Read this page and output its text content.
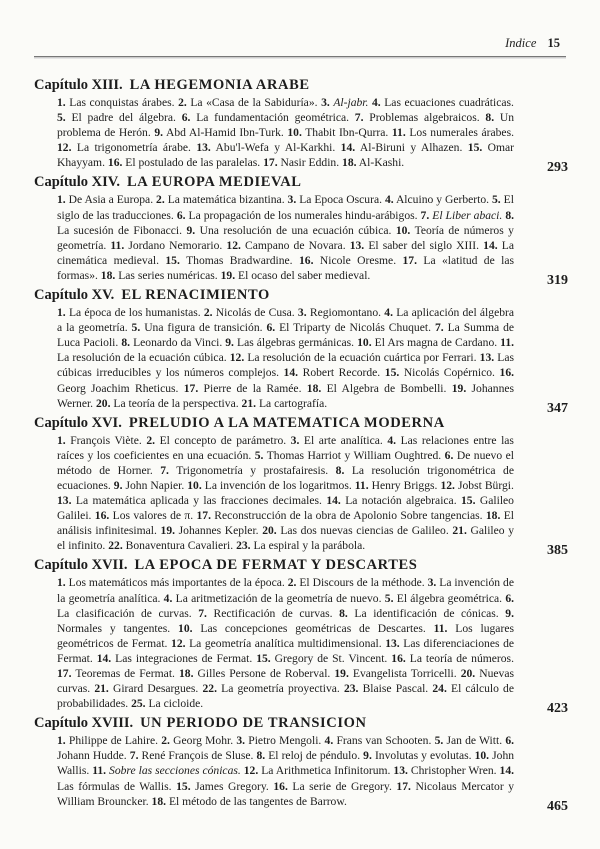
Indice 15
Capítulo XIII. LA HEGEMONIA ARABE
1. Las conquistas árabes. 2. La «Casa de la Sabiduría». 3. Al-jabr. 4. Las ecuaciones cuadráticas. 5. El padre del álgebra. 6. La fundamentación geométrica. 7. Problemas algebraicos. 8. Un problema de Herón. 9. Abd Al-Hamid Ibn-Turk. 10. Thabit Ibn-Qurra. 11. Los numerales árabes. 12. La trigonometría árabe. 13. Abu'l-Wefa y Al-Karkhi. 14. Al-Biruni y Alhazen. 15. Omar Khayyam. 16. El postulado de las paralelas. 17. Nasir Eddin. 18. Al-Kashi.	293
Capítulo XIV. LA EUROPA MEDIEVAL
1. De Asia a Europa. 2. La matemática bizantina. 3. La Epoca Oscura. 4. Alcuino y Gerberto. 5. El siglo de las traducciones. 6. La propagación de los numerales hindu-arábigos. 7. El Liber abaci. 8. La sucesión de Fibonacci. 9. Una resolución de una ecuación cúbica. 10. Teoría de números y geometría. 11. Jordano Nemorario. 12. Campano de Novara. 13. El saber del siglo XIII. 14. La cinemática medieval. 15. Thomas Bradwardine. 16. Nicole Oresme. 17. La «latitud de las formas». 18. Las series numéricas. 19. El ocaso del saber medieval.	319
Capítulo XV. EL RENACIMIENTO
1. La época de los humanistas. 2. Nicolás de Cusa. 3. Regiomontano. 4. La aplicación del álgebra a la geometría. 5. Una figura de transición. 6. El Triparty de Nicolás Chuquet. 7. La Summa de Luca Pacioli. 8. Leonardo da Vinci. 9. Las álgebras germánicas. 10. El Ars magna de Cardano. 11. La resolución de la ecuación cúbica. 12. La resolución de la ecuación cuártica por Ferrari. 13. Las cúbicas irreducibles y los números complejos. 14. Robert Recorde. 15. Nicolás Copérnico. 16. Georg Joachim Rheticus. 17. Pierre de la Ramée. 18. El Algebra de Bombelli. 19. Johannes Werner. 20. La teoría de la perspectiva. 21. La cartografía.	347
Capítulo XVI. PRELUDIO A LA MATEMATICA MODERNA
1. François Viète. 2. El concepto de parámetro. 3. El arte analítica. 4. Las relaciones entre las raíces y los coeficientes en una ecuación. 5. Thomas Harriot y William Oughtred. 6. De nuevo el método de Horner. 7. Trigonometría y prostafairesis. 8. La resolución trigonométrica de ecuaciones. 9. John Napier. 10. La invención de los logaritmos. 11. Henry Briggs. 12. Jobst Bürgi. 13. La matemática aplicada y las fracciones decimales. 14. La notación algebraica. 15. Galileo Galilei. 16. Los valores de π. 17. Reconstrucción de la obra de Apolonio Sobre tangencias. 18. El análisis infinitesimal. 19. Johannes Kepler. 20. Las dos nuevas ciencias de Galileo. 21. Galileo y el infinito. 22. Bonaventura Cavalieri. 23. La espiral y la parábola.	385
Capítulo XVII. LA EPOCA DE FERMAT Y DESCARTES
1. Los matemáticos más importantes de la época. 2. El Discours de la méthode. 3. La invención de la geometría analítica. 4. La aritmetización de la geometría de nuevo. 5. El álgebra geométrica. 6. La clasificación de curvas. 7. Rectificación de curvas. 8. La identificación de cónicas. 9. Normales y tangentes. 10. Las concepciones geométricas de Descartes. 11. Los lugares geométricos de Fermat. 12. La geometría analítica multidimensional. 13. Las diferenciaciones de Fermat. 14. Las integraciones de Fermat. 15. Gregory de St. Vincent. 16. La teoría de números. 17. Teoremas de Fermat. 18. Gilles Persone de Roberval. 19. Evangelista Torricelli. 20. Nuevas curvas. 21. Girard Desargues. 22. La geometría proyectiva. 23. Blaise Pascal. 24. El cálculo de probabilidades. 25. La cicloide.	423
Capítulo XVIII. UN PERIODO DE TRANSICION
1. Philippe de Lahire. 2. Georg Mohr. 3. Pietro Mengoli. 4. Frans van Schooten. 5. Jan de Witt. 6. Johann Hudde. 7. René François de Sluse. 8. El reloj de péndulo. 9. Involutas y evolutas. 10. John Wallis. 11. Sobre las secciones cónicas. 12. La Arithmetica Infinitorum. 13. Christopher Wren. 14. Las fórmulas de Wallis. 15. James Gregory. 16. La serie de Gregory. 17. Nicolaus Mercator y William Brouncker. 18. El método de las tangentes de Barrow.	465
